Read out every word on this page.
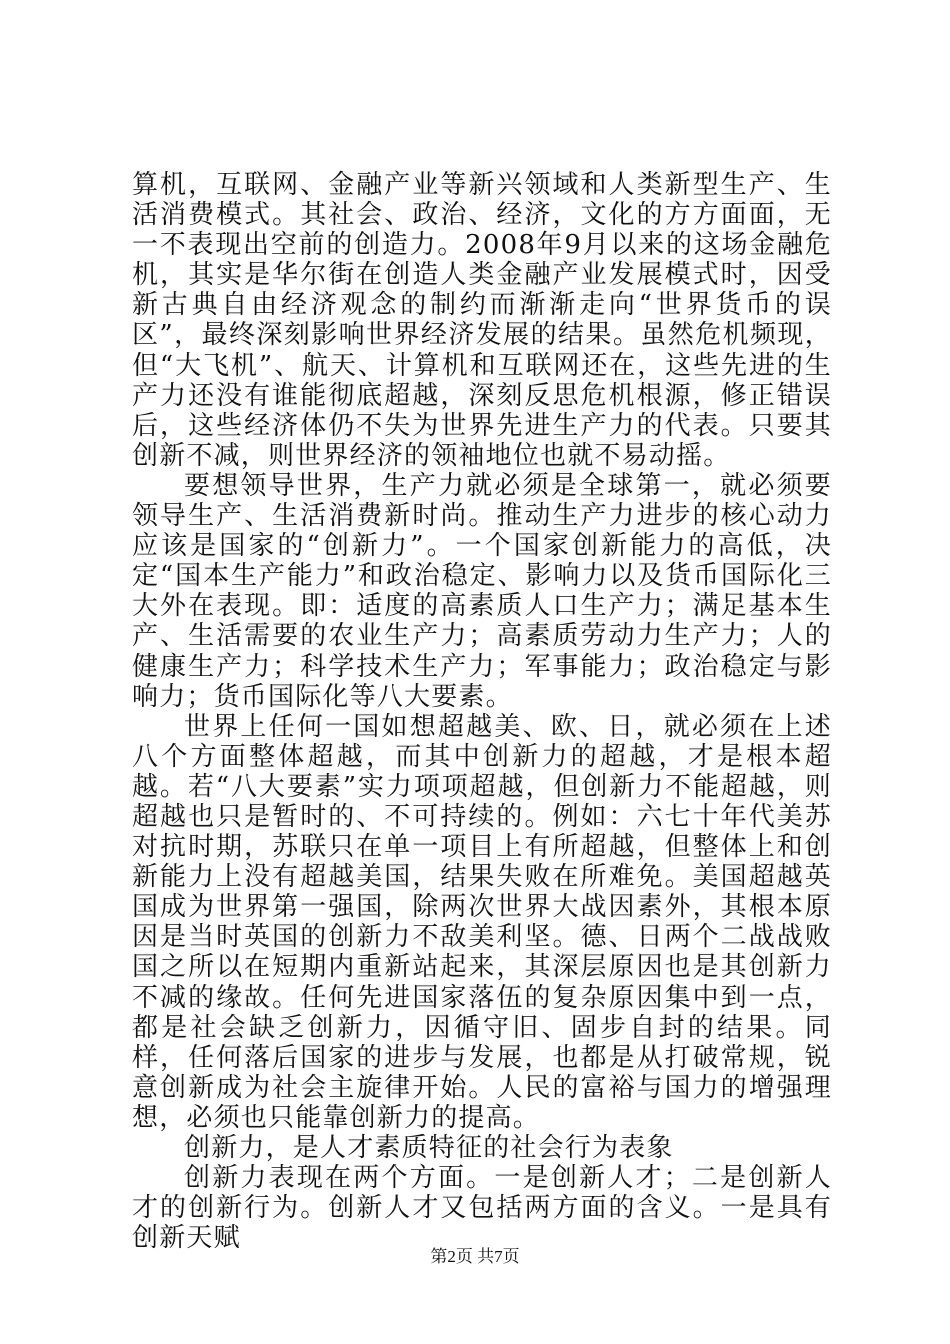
算机，互联网、金融产业等新兴领域和人类新型生产、生活消费模式。其社会、政治、经济，文化的方方面面，无一不表现出空前的创造力。2008年9月以来的这场金融危机，其实是华尔街在创造人类金融产业发展模式时，因受新古典自由经济观念的制约而渐渐走向“世界货币的误区”，最终深刻影响世界经济发展的结果。虽然危机频现，但“大飞机”、航天、计算机和互联网还在，这些先进的生产力还没有谁能彻底超越，深刻反思危机根源，修正错误后，这些经济体仍不失为世界先进生产力的代表。只要其创新不减，则世界经济的领袖地位也就不易动摇。

要想领导世界，生产力就必须是全球第一，就必须要领导生产、生活消费新时尚。推动生产力进步的核心动力应该是国家的“创新力”。一个国家创新能力的高低，决定“国本生产能力”和政治稳定、影响力以及货币国际化三大外在表现。即：适度的高素质人口生产力；满足基本生产、生活需要的农业生产力；高素质劳动力生产力；人的健康生产力；科学技术生产力；军事能力；政治稳定与影响力；货币国际化等八大要素。

世界上任何一国如想超越美、欧、日，就必须在上述八个方面整体超越，而其中创新力的超越，才是根本超越。若“八大要素”实力项项超越，但创新力不能超越，则超越也只是暂时的、不可持续的。例如：六七十年代美苏对抗时期，苏联只在单一项目上有所超越，但整体上和创新能力上没有超越美国，结果失败在所难免。美国超越英国成为世界第一强国，除两次世界大战因素外，其根本原因是当时英国的创新力不敌美利坚。德、日两个二战战败国之所以在短期内重新站起来，其深层原因也是其创新力不减的缘故。任何先进国家落伍的复杂原因集中到一点，都是社会缺乏创新力，因循守旧、固步自封的结果。同样，任何落后国家的进步与发展，也都是从打破常规，锐意创新成为社会主旋律开始。人民的富裕与国力的增强理想，必须也只能靠创新力的提高。

创新力，是人才素质特征的社会行为表象

创新力表现在两个方面。一是创新人才；二是创新人才的创新行为。创新人才又包括两方面的含义。一是具有创新天赋

第2页 共7页
